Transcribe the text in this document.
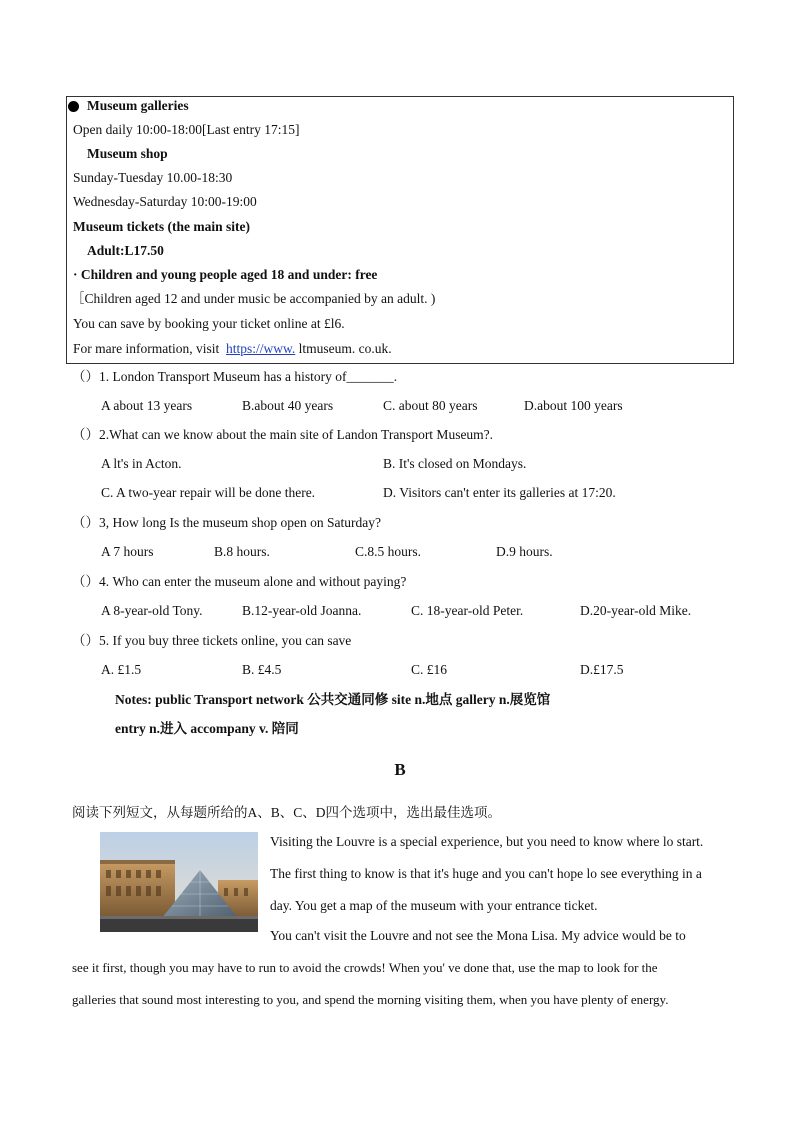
Museum galleries
Open daily 10:00-18:00[Last entry 17:15]
Museum shop
Sunday-Tuesday 10.00-18:30
Wednesday-Saturday 10:00-19:00
Museum tickets (the main site)
Adult:L17.50
· Children and young people aged 18 and under: free
［Children aged 12 and under music be accompanied by an adult. )
You can save by booking your ticket online at £l6.
For mare information, visit https://www. ltmuseum. co.uk.
（）1. London Transport Museum has a history of_______.
A about 13 years	B.about 40 years	C. about 80 years	D.about 100 years
（）2.What can we know about the main site of Landon Transport Museum?.
A lt's in Acton.	B. It's closed on Mondays.
C. A two-year repair will be done there.	D. Visitors can't enter its galleries at 17:20.
（）3, How long Is the museum shop open on Saturday?
A 7 hours	B.8 hours.	C.8.5 hours.	D.9 hours.
（）4. Who can enter the museum alone and without paying?
A 8-year-old Tony.	B.12-year-old Joanna.	C. 18-year-old Peter.	D.20-year-old Mike.
（）5. If you buy three tickets online, you can save
A. £1.5	B. £4.5	C. £16	D.£17.5
Notes: public Transport network 公共交通同修 site n.地点 gallery n.展览馆
entry n.进入 accompany v. 陪同
B
阅读下列短文，从每题所给的A、B、C、D四个选项中，选出最佳选项。
Visiting the Louvre is a special experience, but you need to know where lo start.
The first thing to know is that it's huge and you can't hope lo see everything in a
day. You get a map of the museum with your entrance ticket.
You can't visit the Louvre and not see the Mona Lisa. My advice would be to
see it first, though you may have to run to avoid the crowds! When you' ve done that, use the map to look for the
galleries that sound most interesting to you, and spend the morning visiting them, when you have plenty of energy.
